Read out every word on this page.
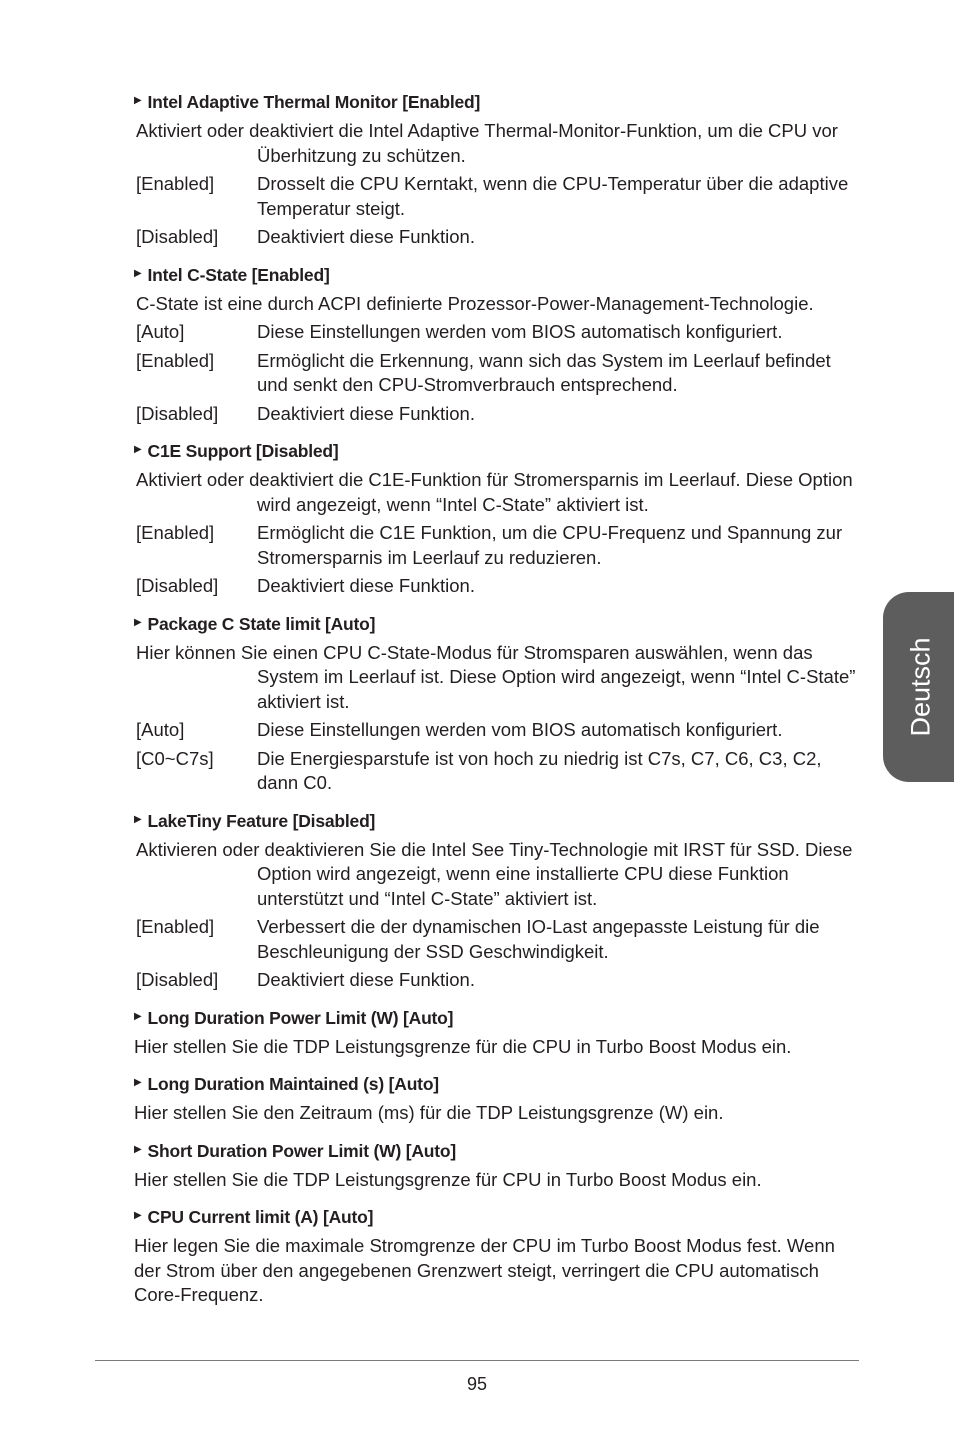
▶ Intel Adaptive Thermal Monitor [Enabled]
Aktiviert oder deaktiviert die Intel Adaptive Thermal-Monitor-Funktion, um die CPU vor Überhitzung zu schützen.
[Enabled]	Drosselt die CPU Kerntakt, wenn die CPU-Temperatur über die adaptive Temperatur steigt.
[Disabled]	Deaktiviert diese Funktion.
▶ Intel C-State [Enabled]
C-State ist eine durch ACPI definierte Prozessor-Power-Management-Technologie.
[Auto]	Diese Einstellungen werden vom BIOS automatisch konfiguriert.
[Enabled]	Ermöglicht die Erkennung, wann sich das System im Leerlauf befindet und senkt den CPU-Stromverbrauch entsprechend.
[Disabled]	Deaktiviert diese Funktion.
▶ C1E Support [Disabled]
Aktiviert oder deaktiviert die C1E-Funktion für Stromersparnis im Leerlauf. Diese Option wird angezeigt, wenn “Intel C-State” aktiviert ist.
[Enabled]	Ermöglicht die C1E Funktion, um die CPU-Frequenz und Spannung zur Stromersparnis im Leerlauf zu reduzieren.
[Disabled]	Deaktiviert diese Funktion.
▶ Package C State limit [Auto]
Hier können Sie einen CPU C-State-Modus für Stromsparen auswählen, wenn das System im Leerlauf ist. Diese Option wird angezeigt, wenn “Intel C-State” aktiviert ist.
[Auto]	Diese Einstellungen werden vom BIOS automatisch konfiguriert.
[C0~C7s]	Die Energiesparstufe ist von hoch zu niedrig ist C7s, C7, C6, C3, C2, dann C0.
▶ LakeTiny Feature [Disabled]
Aktivieren oder deaktivieren Sie die Intel See Tiny-Technologie mit IRST für SSD. Diese Option wird angezeigt, wenn eine installierte CPU diese Funktion unterstützt und “Intel C-State” aktiviert ist.
[Enabled]	Verbessert die der dynamischen IO-Last angepasste Leistung für die Beschleunigung der SSD Geschwindigkeit.
[Disabled]	Deaktiviert diese Funktion.
▶ Long Duration Power Limit (W) [Auto]
Hier stellen Sie die TDP Leistungsgrenze für die CPU in Turbo Boost Modus ein.
▶ Long Duration Maintained (s) [Auto]
Hier stellen Sie den Zeitraum (ms) für die TDP Leistungsgrenze (W) ein.
▶ Short Duration Power Limit (W) [Auto]
Hier stellen Sie die TDP Leistungsgrenze für CPU in Turbo Boost Modus ein.
▶ CPU Current limit (A) [Auto]
Hier legen Sie die maximale Stromgrenze der CPU im Turbo Boost Modus fest. Wenn der Strom über den angegebenen Grenzwert steigt, verringert die CPU automatisch Core-Frequenz.
95
Deutsch
